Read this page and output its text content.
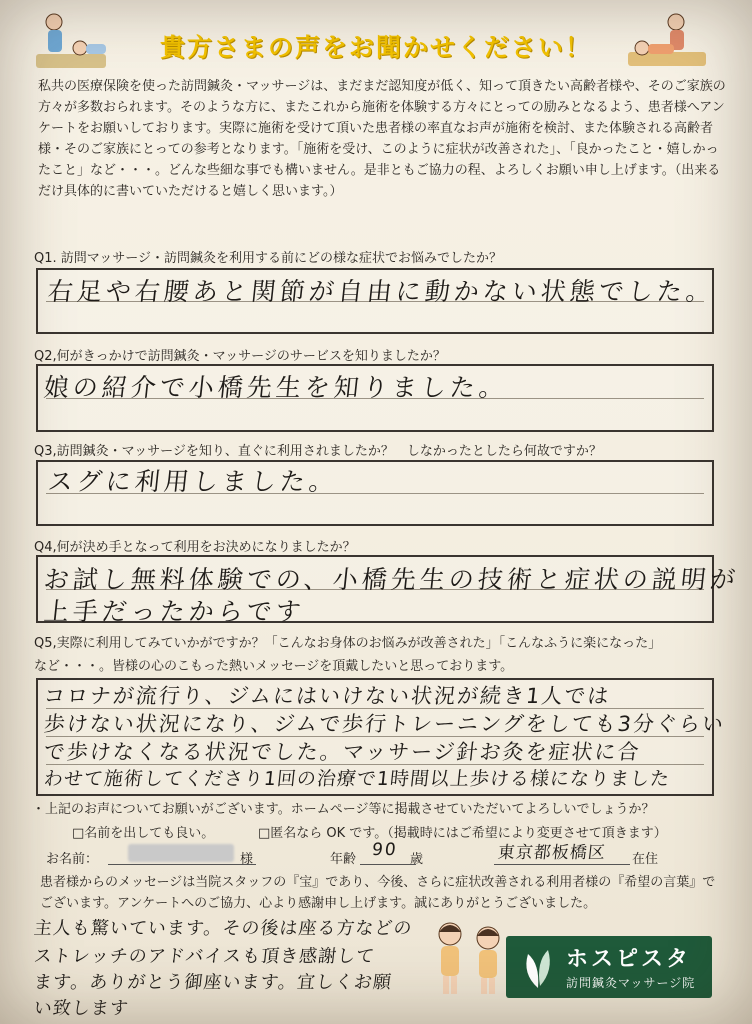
貴方さまの声をお聞かせください！
私共の医療保険を使った訪問鍼灸・マッサージは、まだまだ認知度が低く、知って頂きたい高齢者様や、そのご家族の方々が多数おられます。そのような方に、またこれから施術を体験する方々にとっての励みとなるよう、患者様へアンケートをお願いしております。実際に施術を受けて頂いた患者様の率直なお声が施術を検討、また体験される高齢者様・そのご家族にとっての参考となります。「施術を受け、このように症状が改善された」、「良かったこと・嬉しかったこと」など・・・。どんな些細な事でも構いません。是非ともご協力の程、よろしくお願い申し上げます。（出来るだけ具体的に書いていただけると嬉しく思います。）
Q1. 訪問マッサージ・訪問鍼灸を利用する前にどの様な症状でお悩みでしたか？
右足や右腰あと関節が自由に動かない状態でした。
Q2,何がきっかけで訪問鍼灸・マッサージのサービスを知りましたか？
娘の紹介で小橋先生を知りました。
Q3,訪問鍼灸・マッサージを知り、直ぐに利用されましたか？　しなかったとしたら何故ですか？
スグに利用しました。
Q4,何が決め手となって利用をお決めになりましたか？
お試し無料体験での、小橋先生の技術と症状の説明が
上手だったからです
Q5,実際に利用してみていかがですか？「こんなお身体のお悩みが改善された」「こんなふうに楽になった」
など・・・。皆様の心のこもった熱いメッセージを頂戴したいと思っております。
コロナが流行り、ジムにはいけない状況が続き1人では
歩けない状況になり、ジムで歩行トレーニングをしても3分ぐらい
で歩けなくなる状況でした。マッサージ針お灸を症状に合
わせて施術してくださり1回の治療で1時間以上歩ける様になりました
・上記のお声についてお願いがございます。ホームページ等に掲載させていただいてよろしいでしょうか？
□名前を出しても良い。	□匿名なら OK です。（掲載時にはご希望により変更させて頂きます）
お名前：	様	年齢 90 歳	東京都板橋区 在住
患者様からのメッセージは当院スタッフの『宝』であり、今後、さらに症状改善される利用者様の『希望の言葉』でございます。アンケートへのご協力、心より感謝申し上げます。誠にありがとうございました。
主人も驚いています。その後は座る方などの
ストレッチのアドバイスも頂き感謝して
ます。ありがとう御座います。宜しくお願
い致します
ホスピスタ
訪問鍼灸マッサージ院
